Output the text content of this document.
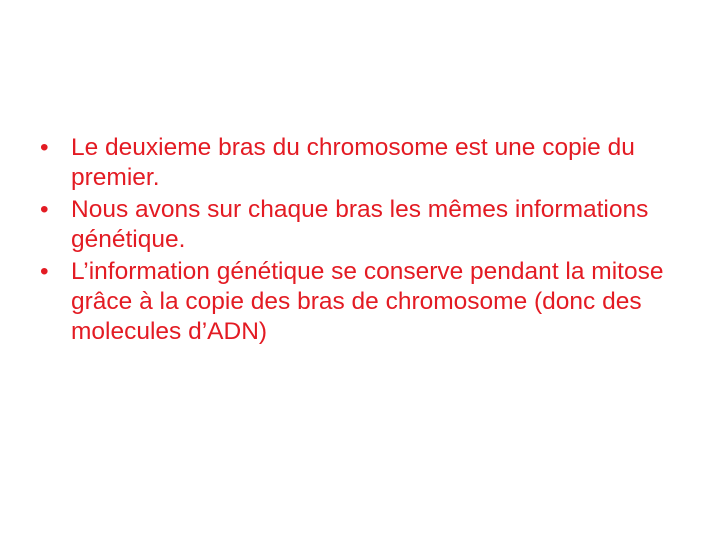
• Le deuxieme bras du chromosome est une copie du premier.
• Nous avons sur chaque bras les mêmes informations génétique.
• L’information génétique se conserve pendant la mitose grâce à la copie des bras de chromosome (donc des molecules d’ADN)
